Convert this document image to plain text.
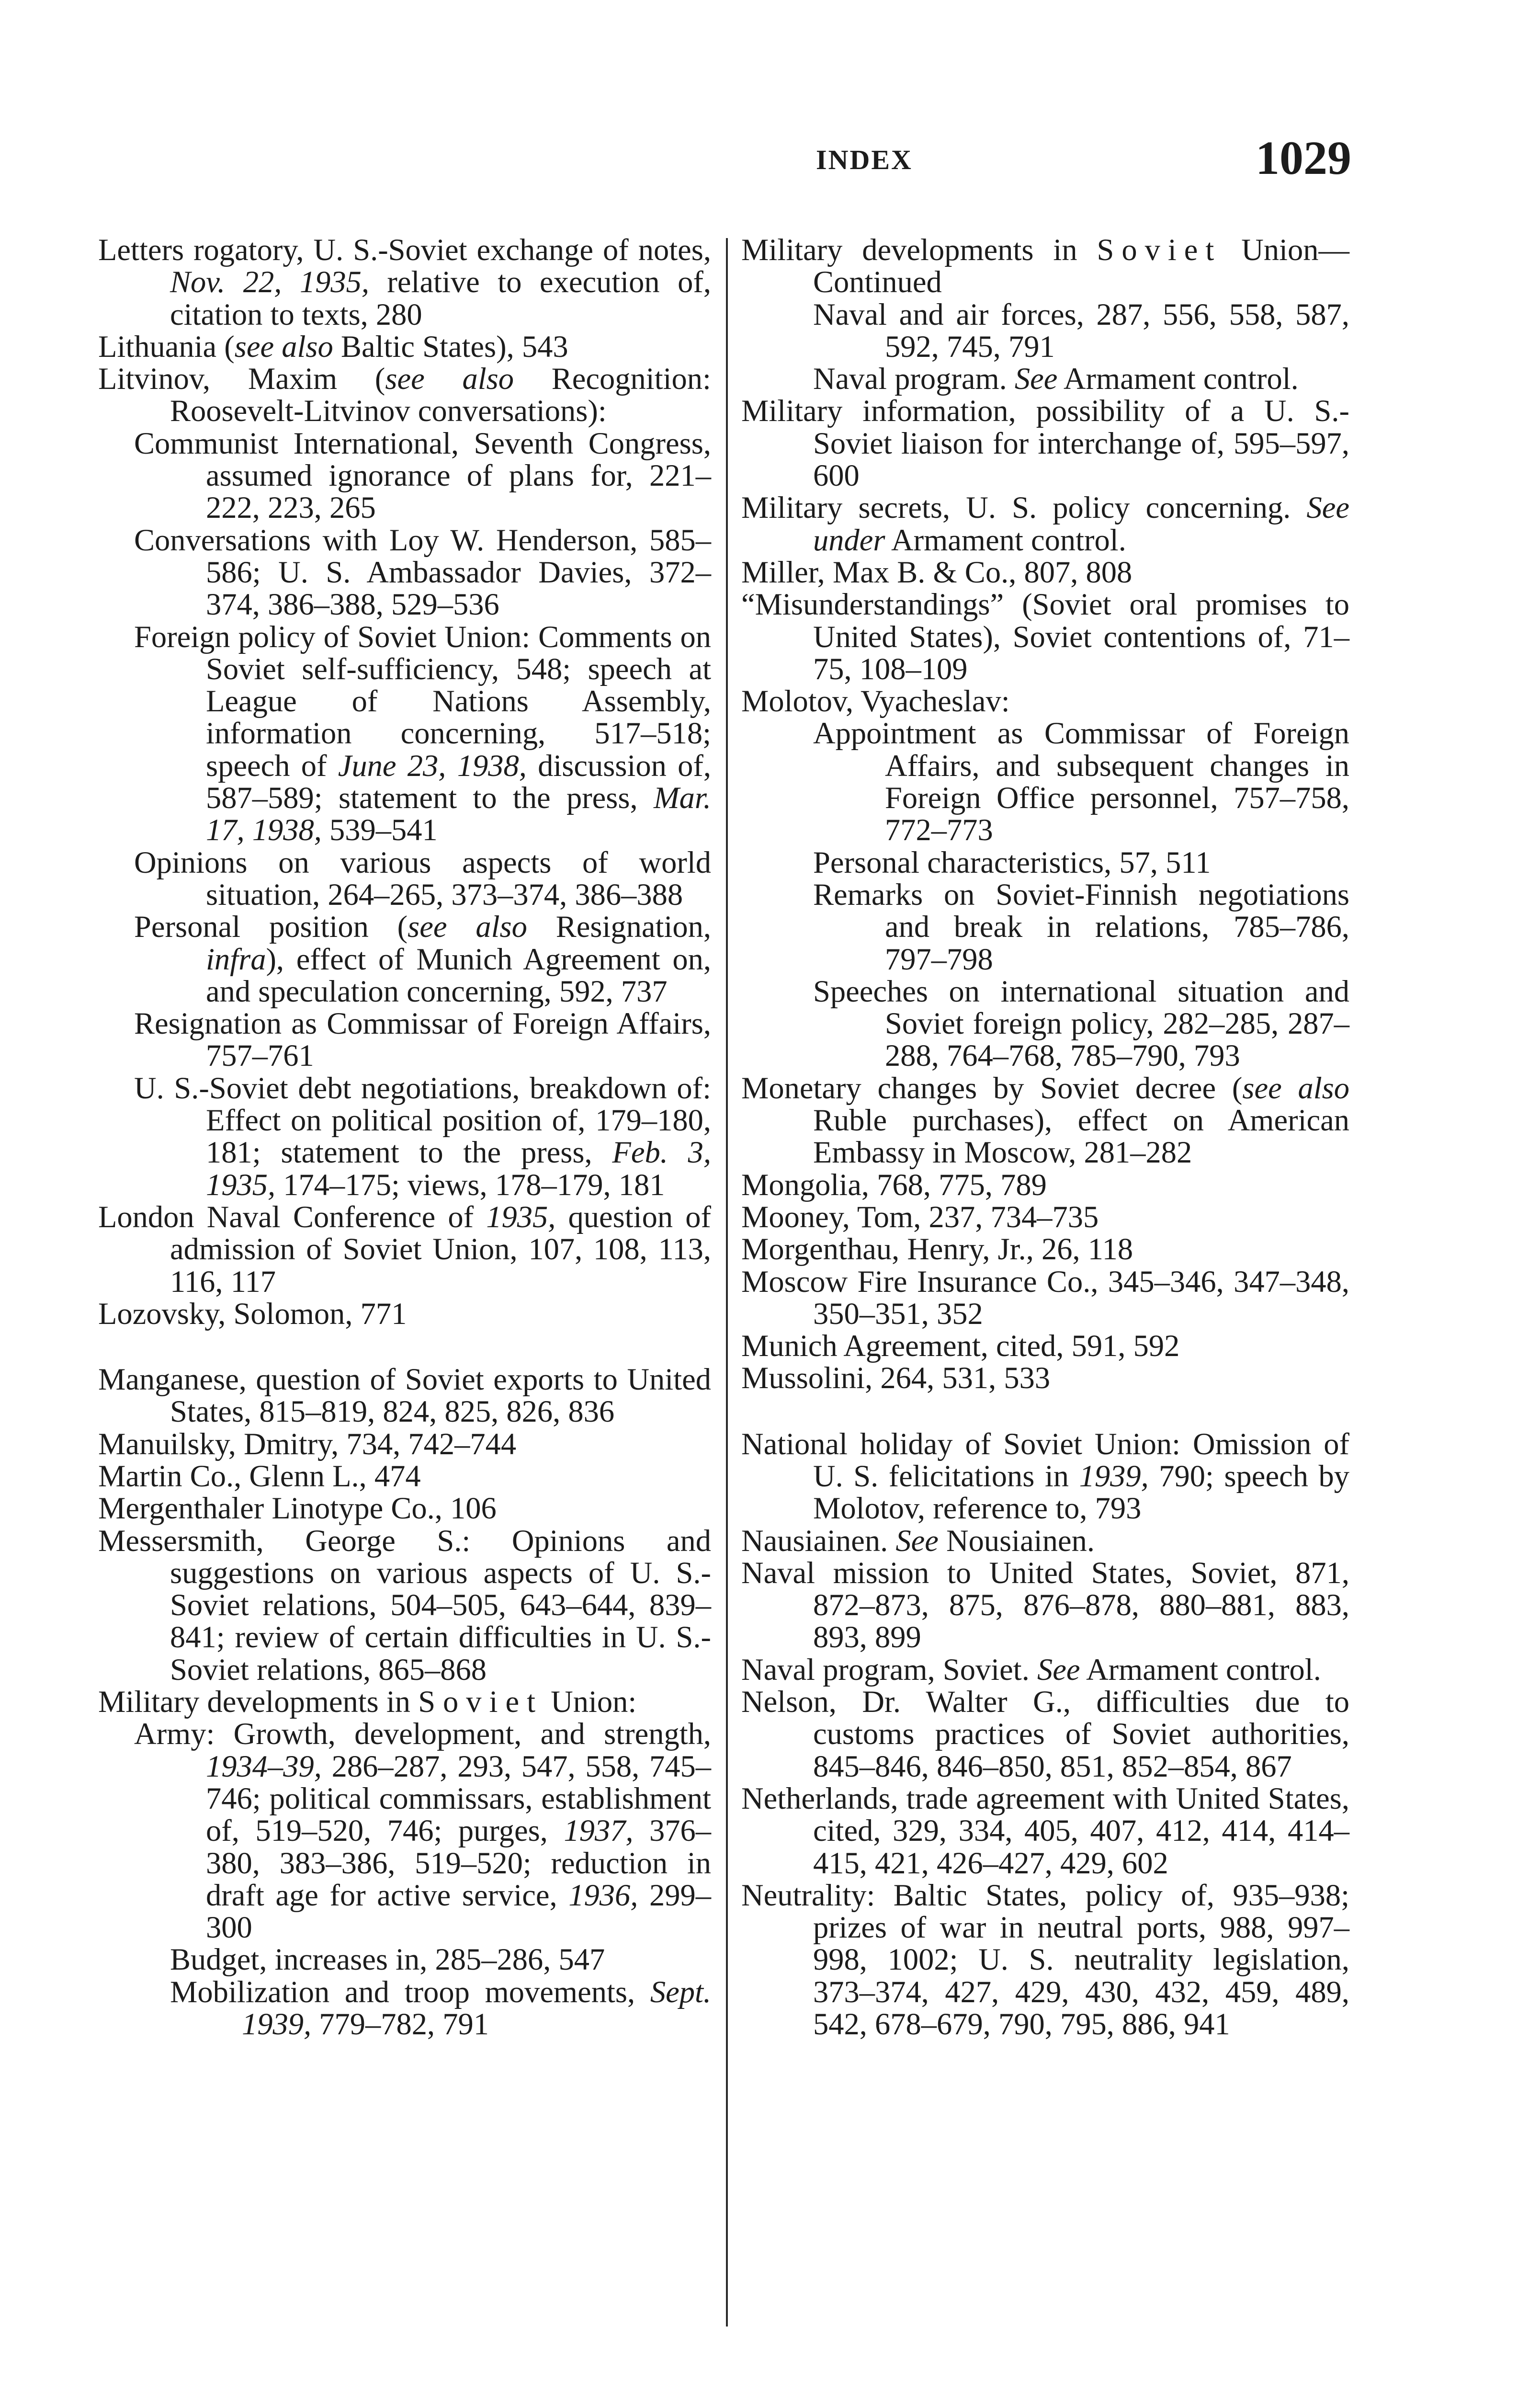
INDEX	1029
Letters rogatory, U. S.-Soviet exchange of notes, Nov. 22, 1935, relative to execution of, citation to texts, 280
Lithuania (see also Baltic States), 543
Litvinov, Maxim (see also Recognition: Roosevelt-Litvinov conversations):
Communist International, Seventh Congress, assumed ignorance of plans for, 221–222, 223, 265
Conversations with Loy W. Henderson, 585–586; U. S. Ambassador Davies, 372–374, 386–388, 529–536
Foreign policy of Soviet Union: Comments on Soviet self-sufficiency, 548; speech at League of Nations Assembly, information concerning, 517–518; speech of June 23, 1938, discussion of, 587–589; statement to the press, Mar. 17, 1938, 539–541
Opinions on various aspects of world situation, 264–265, 373–374, 386–388
Personal position (see also Resignation, infra), effect of Munich Agreement on, and speculation concerning, 592, 737
Resignation as Commissar of Foreign Affairs, 757–761
U. S.-Soviet debt negotiations, breakdown of: Effect on political position of, 179–180, 181; statement to the press, Feb. 3, 1935, 174–175; views, 178–179, 181
London Naval Conference of 1935, question of admission of Soviet Union, 107, 108, 113, 116, 117
Lozovsky, Solomon, 771
Manganese, question of Soviet exports to United States, 815–819, 824, 825, 826, 836
Manuilsky, Dmitry, 734, 742–744
Martin Co., Glenn L., 474
Mergenthaler Linotype Co., 106
Messersmith, George S.: Opinions and suggestions on various aspects of U. S.-Soviet relations, 504–505, 643–644, 839–841; review of certain difficulties in U. S.-Soviet relations, 865–868
Military developments in Soviet Union:
Army: Growth, development, and strength, 1934–39, 286–287, 293, 547, 558, 745–746; political commissars, establishment of, 519–520, 746; purges, 1937, 376–380, 383–386, 519–520; reduction in draft age for active service, 1936, 299–300
Budget, increases in, 285–286, 547
Mobilization and troop movements, Sept. 1939, 779–782, 791
Military developments in Soviet Union—Continued
Naval and air forces, 287, 556, 558, 587, 592, 745, 791
Naval program. See Armament control.
Military information, possibility of a U. S.-Soviet liaison for interchange of, 595–597, 600
Military secrets, U. S. policy concerning. See under Armament control.
Miller, Max B. & Co., 807, 808
“Misunderstandings” (Soviet oral promises to United States), Soviet contentions of, 71–75, 108–109
Molotov, Vyacheslav:
Appointment as Commissar of Foreign Affairs, and subsequent changes in Foreign Office personnel, 757–758, 772–773
Personal characteristics, 57, 511
Remarks on Soviet-Finnish negotiations and break in relations, 785–786, 797–798
Speeches on international situation and Soviet foreign policy, 282–285, 287–288, 764–768, 785–790, 793
Monetary changes by Soviet decree (see also Ruble purchases), effect on American Embassy in Moscow, 281–282
Mongolia, 768, 775, 789
Mooney, Tom, 237, 734–735
Morgenthau, Henry, Jr., 26, 118
Moscow Fire Insurance Co., 345–346, 347–348, 350–351, 352
Munich Agreement, cited, 591, 592
Mussolini, 264, 531, 533
National holiday of Soviet Union: Omission of U. S. felicitations in 1939, 790; speech by Molotov, reference to, 793
Nausiainen. See Nousiainen.
Naval mission to United States, Soviet, 871, 872–873, 875, 876–878, 880–881, 883, 893, 899
Naval program, Soviet. See Armament control.
Nelson, Dr. Walter G., difficulties due to customs practices of Soviet authorities, 845–846, 846–850, 851, 852–854, 867
Netherlands, trade agreement with United States, cited, 329, 334, 405, 407, 412, 414, 414–415, 421, 426–427, 429, 602
Neutrality: Baltic States, policy of, 935–938; prizes of war in neutral ports, 988, 997–998, 1002; U. S. neutrality legislation, 373–374, 427, 429, 430, 432, 459, 489, 542, 678–679, 790, 795, 886, 941
